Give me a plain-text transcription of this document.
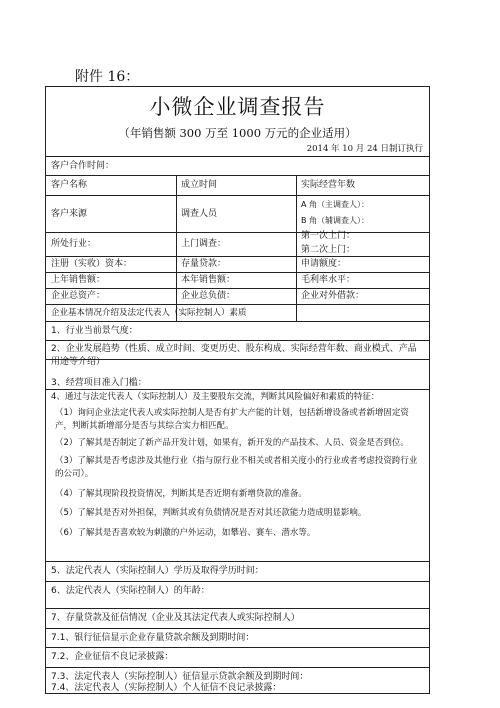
附件 16：
小微企业调查报告
（年销售额 300 万至 1000 万元的企业适用）
2014 年 10 月 24 日制订执行
客户合作时间：
客户名称	成立时间	实际经营年数
客户来源	调查人员
A 角（主调查人）：
B 角（辅调查人）：
所处行业：	上门调查：
第一次上门：
第二次上门：
注册（实收）资本：	存量贷款：	申请额度：
上年销售额：	本年销售额：	毛利率水平：
企业总资产：	企业总负债：	企业对外借款：
企业基本情况介绍及法定代表人（实际控制人）素质
1、行业当前景气度：
2、企业发展趋势（性质、成立时间、变更历史、股东构成、实际经营年数、商业模式、产品用途等介绍）
3、经营项目准入门槛：
4、通过与法定代表人（实际控制人）及主要股东交流，判断其风险偏好和素质的特征：
（1）询问企业法定代表人或实际控制人是否有扩大产能的计划，包括新增设备或者新增固定资产，判断其新增部分是否与其综合实力相匹配。
（2）了解其是否制定了新产品开发计划，如果有，新开发的产品技术、人员、资金是否到位。
（3）了解其是否考虑涉及其他行业（指与原行业不相关或者相关度小的行业或者考虑投资跨行业的公司）。
（4）了解其现阶段投资情况，判断其是否近期有新增贷款的准备。
（5）了解其是否对外担保，判断其或有负债情况是否对其还款能力造成明显影响。
（6）了解其是否喜欢较为刺激的户外运动，如攀岩、赛车、潜水等。
5、法定代表人（实际控制人）学历及取得学历时间：
6、法定代表人（实际控制人）的年龄：
7、存量贷款及征信情况（企业及其法定代表人或实际控制人）
7.1、银行征信显示企业存量贷款余额及到期时间：
7.2、企业征信不良记录披露：
7.3、法定代表人（实际控制人）征信显示贷款余额及到期时间：
7.4、法定代表人（实际控制人）个人征信不良记录披露：
